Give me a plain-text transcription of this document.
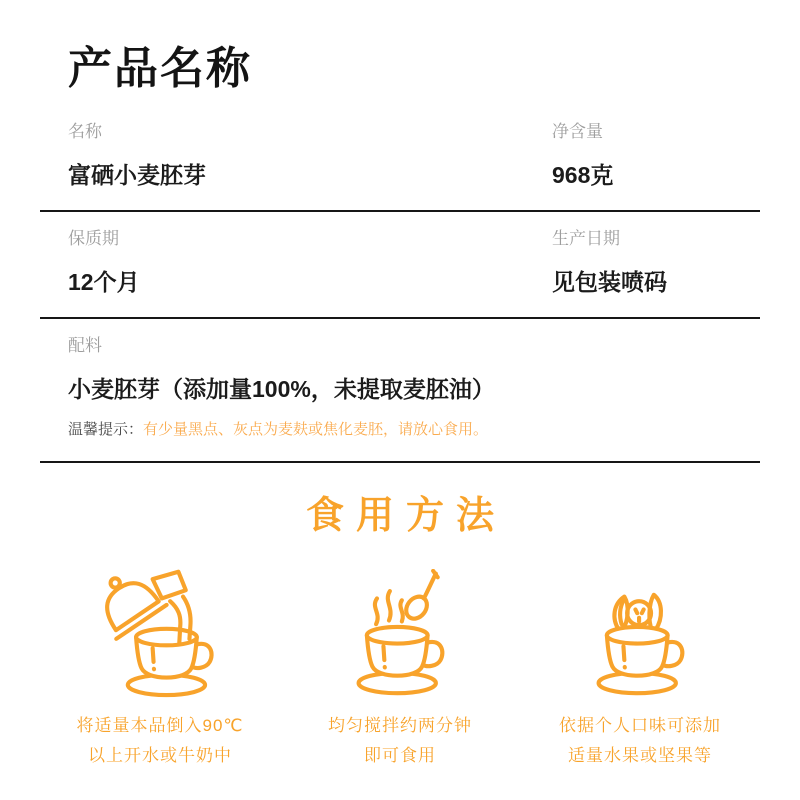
产品名称
名称
富硒小麦胚芽
净含量
968克
保质期
12个月
生产日期
见包装喷码
配料
小麦胚芽（添加量100%，未提取麦胚油）
温馨提示：有少量黑点、灰点为麦麸或焦化麦胚，请放心食用。
食用方法
将适量本品倒入90℃
以上开水或牛奶中
均匀搅拌约两分钟
即可食用
依据个人口味可添加
适量水果或坚果等
